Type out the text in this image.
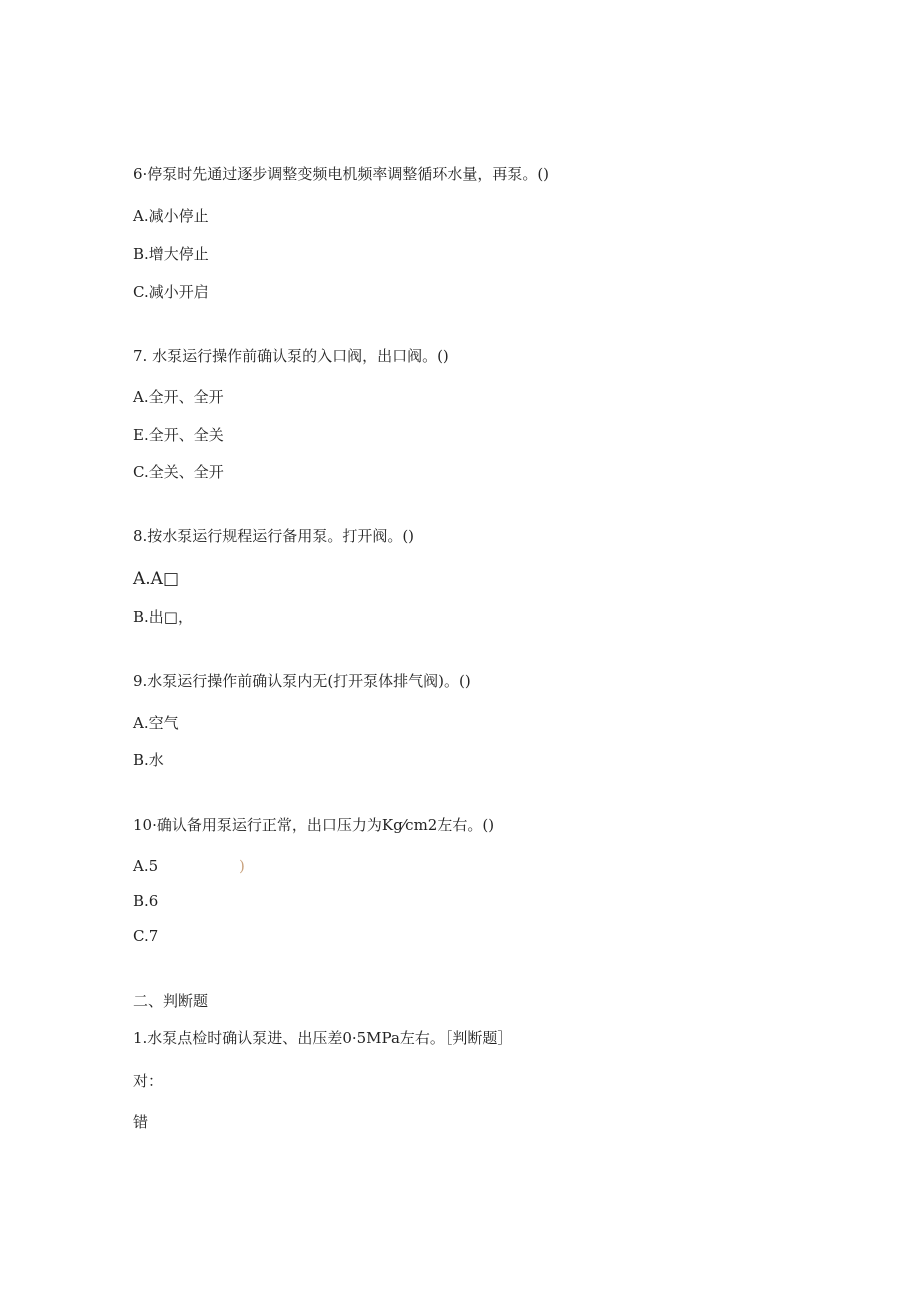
6·停泵时先通过逐步调整变频电机频率调整循环水量，再泵。()
A.减小停止
B.增大停止
C.减小开启
7. 水泵运行操作前确认泵的入口阀，出口阀。()
A.全开、全开
E.全开、全关
C.全关、全开
8.按水泵运行规程运行备用泵。打开阀。()
A.A□
B.出□，
9.水泵运行操作前确认泵内无(打开泵体排气阀)。()
A.空气
B.水
10·确认备用泵运行正常，出口压力为Kg⁄cm2左右。()
A.5	)
B.6
C.7
二、判断题
1.水泵点检时确认泵进、出压差0·5MPa左右。［判断题］
对：
错
